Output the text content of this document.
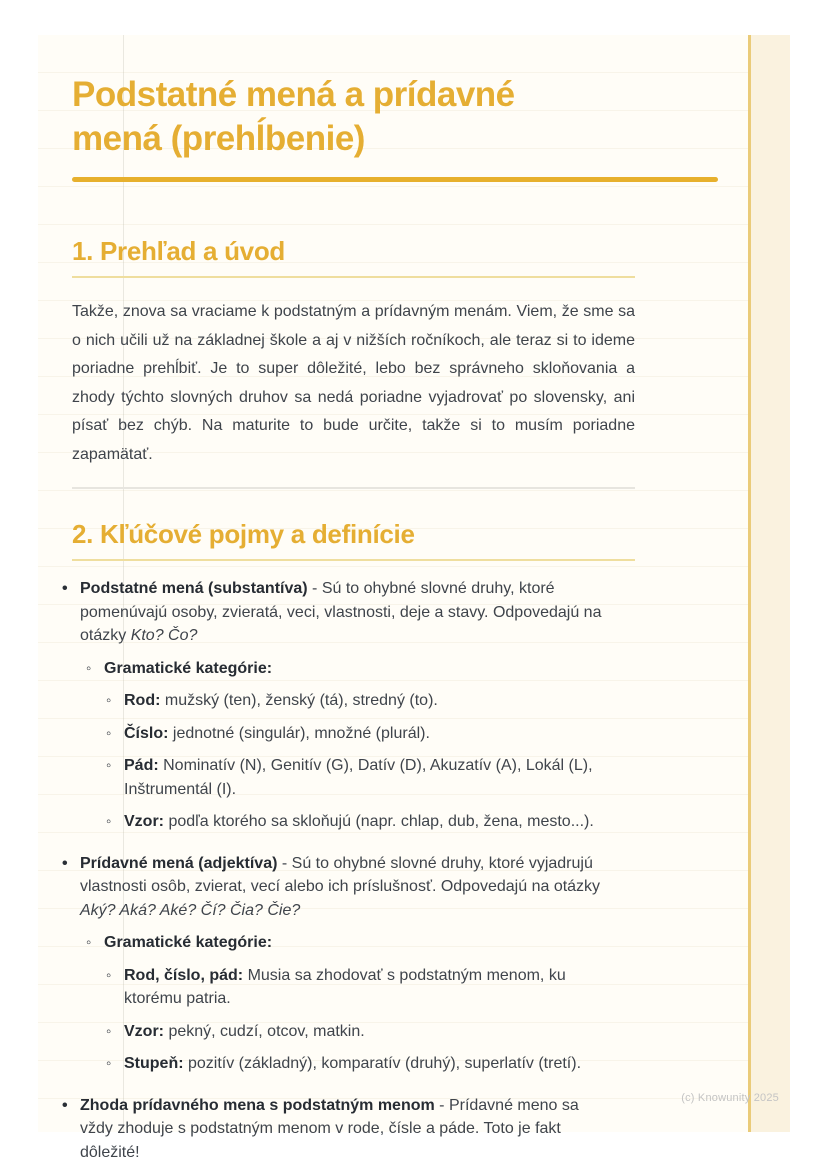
Podstatné mená a prídavné mená (prehĺbenie)
1. Prehľad a úvod

Takže, znova sa vraciame k podstatným a prídavným menám. Viem, že sme sa o nich učili už na základnej škole a aj v nižších ročníkoch, ale teraz si to ideme poriadne prehĺbiť. Je to super dôležité, lebo bez správneho skloňovania a zhody týchto slovných druhov sa nedá poriadne vyjadrovať po slovensky, ani písať bez chýb. Na maturite to bude určite, takže si to musím poriadne zapamätať.

2. Kľúčové pojmy a definície
• Podstatné mená (substantíva) - Sú to ohybné slovné druhy, ktoré pomenúvajú osoby, zvieratá, veci, vlastnosti, deje a stavy. Odpovedajú na otázky Kto? Čo?
◦ Gramatické kategórie:
◦ Rod: mužský (ten), ženský (tá), stredný (to).
◦ Číslo: jednotné (singulár), množné (plurál).
◦ Pád: Nominatív (N), Genitív (G), Datív (D), Akuzatív (A), Lokál (L), Inštrumentál (I).
◦ Vzor: podľa ktorého sa skloňujú (napr. chlap, dub, žena, mesto...).
• Prídavné mená (adjektíva) - Sú to ohybné slovné druhy, ktoré vyjadrujú vlastnosti osôb, zvierat, vecí alebo ich príslušnosť. Odpovedajú na otázky Aký? Aká? Aké? Čí? Čia? Čie?
◦ Gramatické kategórie:
◦ Rod, číslo, pád: Musia sa zhodovať s podstatným menom, ku ktorému patria.
◦ Vzor: pekný, cudzí, otcov, matkin.
◦ Stupeň: pozitív (základný), komparatív (druhý), superlatív (tretí).
• Zhoda prídavného mena s podstatným menom - Prídavné meno sa vždy zhoduje s podstatným menom v rode, čísle a páde. Toto je fakt dôležité!
(c) Knowunity 2025
